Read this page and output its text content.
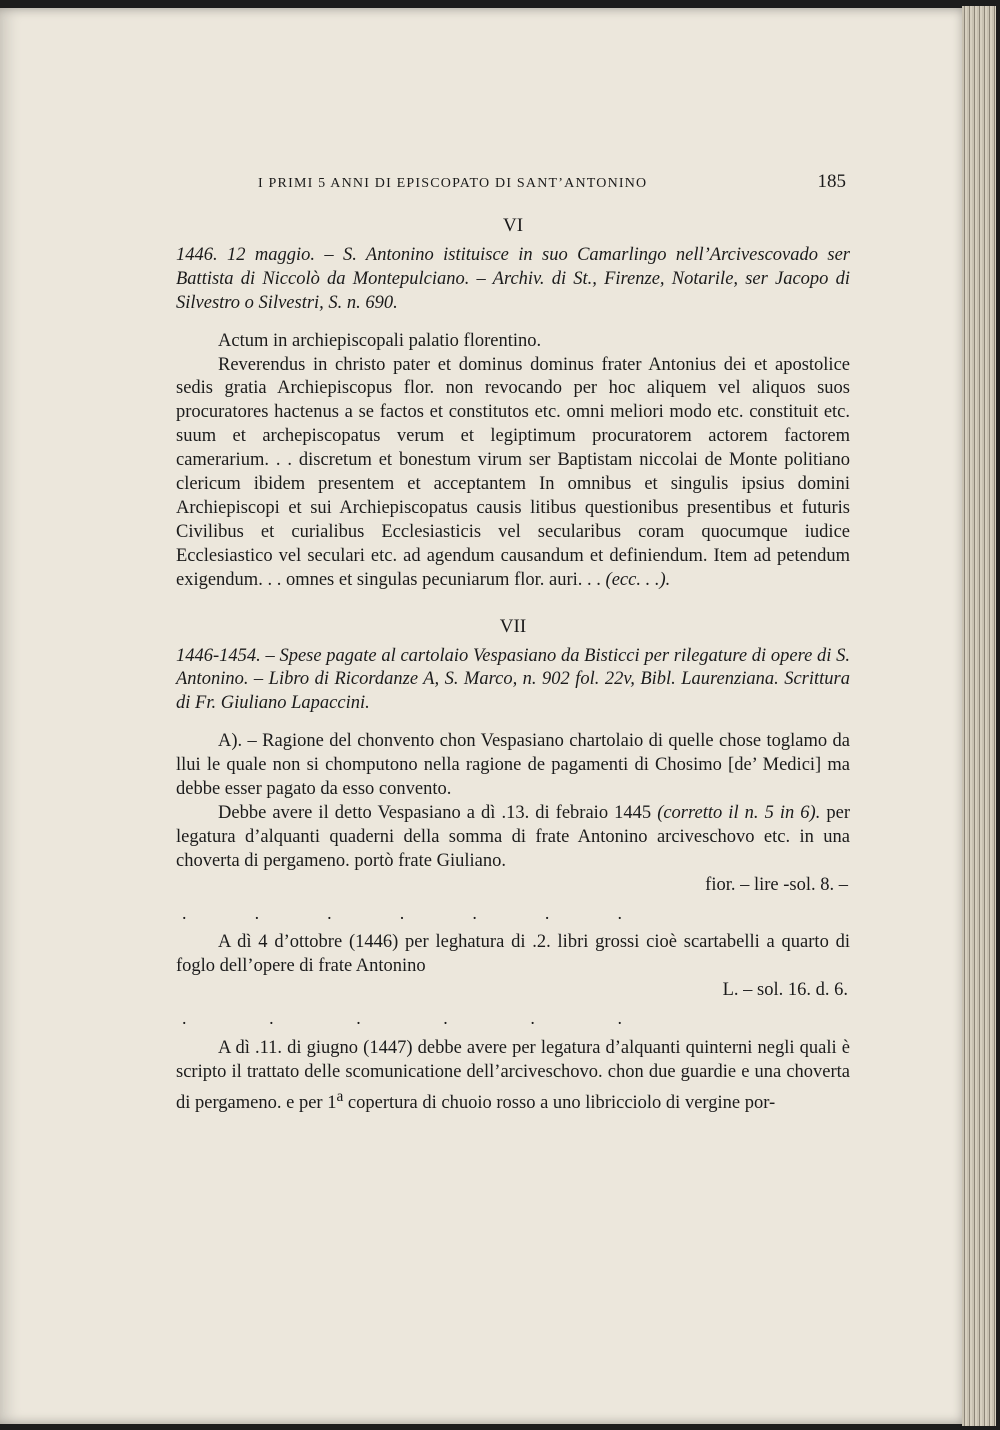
I PRIMI 5 ANNI DI EPISCOPATO DI SANT’ANTONINO	185
VI

1446. 12 maggio. – S. Antonino istituisce in suo Camarlingo nell’Arcivescovado ser Battista di Niccolò da Montepulciano. – Archiv. di St., Firenze, Notarile, ser Jacopo di Silvestro o Silvestri, S. n. 690.

Actum in archiepiscopali palatio florentino.

Reverendus in christo pater et dominus dominus frater Antonius dei et apostolice sedis gratia Archiepiscopus flor. non revocando per hoc aliquem vel aliquos suos procuratores hactenus a se factos et constitutos etc. omni meliori modo etc. constituit etc. suum et archepiscopatus verum et legiptimum procuratorem actorem factorem camerarium. . . discretum et bonestum virum ser Baptistam niccolai de Monte politiano clericum ibidem presentem et acceptantem In omnibus et singulis ipsius domini Archiepiscopi et sui Archiepiscopatus causis litibus questionibus presentibus et futuris Civilibus et curialibus Ecclesiasticis vel secularibus coram quocumque iudice Ecclesiastico vel seculari etc. ad agendum causandum et definiendum. Item ad petendum exigendum. . . omnes et singulas pecuniarum flor. auri. . . (ecc. . .).

VII

1446-1454. – Spese pagate al cartolaio Vespasiano da Bisticci per rilegature di opere di S. Antonino. – Libro di Ricordanze A, S. Marco, n. 902 fol. 22v, Bibl. Laurenziana. Scrittura di Fr. Giuliano Lapaccini.

A). – Ragione del chonvento chon Vespasiano chartolaio di quelle chose toglamo da llui le quale non si chomputono nella ragione de pagamenti di Chosimo [de’ Medici] ma debbe esser pagato da esso convento.

Debbe avere il detto Vespasiano a dì .13. di febraio 1445 (corretto il n. 5 in 6). per legatura d’alquanti quaderni della somma di frate Antonino arciveschovo etc. in una choverta di pergameno. portò frate Giuliano.

fior. – lire -sol. 8. –
.	.	.	.	.	.	.

A dì 4 d’ottobre (1446) per leghatura di .2. libri grossi cioè scartabelli a quarto di foglo dell’opere di frate Antonino

L. – sol. 16. d. 6.
.	.	.	.	.	.

A dì .11. di giugno (1447) debbe avere per legatura d’alquanti quinterni negli quali è scripto il trattato delle scomunicatione dell’arciveschovo. chon due guardie e una choverta di pergameno. e per 1$^a$ copertura di chuoio rosso a uno libricciolo di vergine por-
